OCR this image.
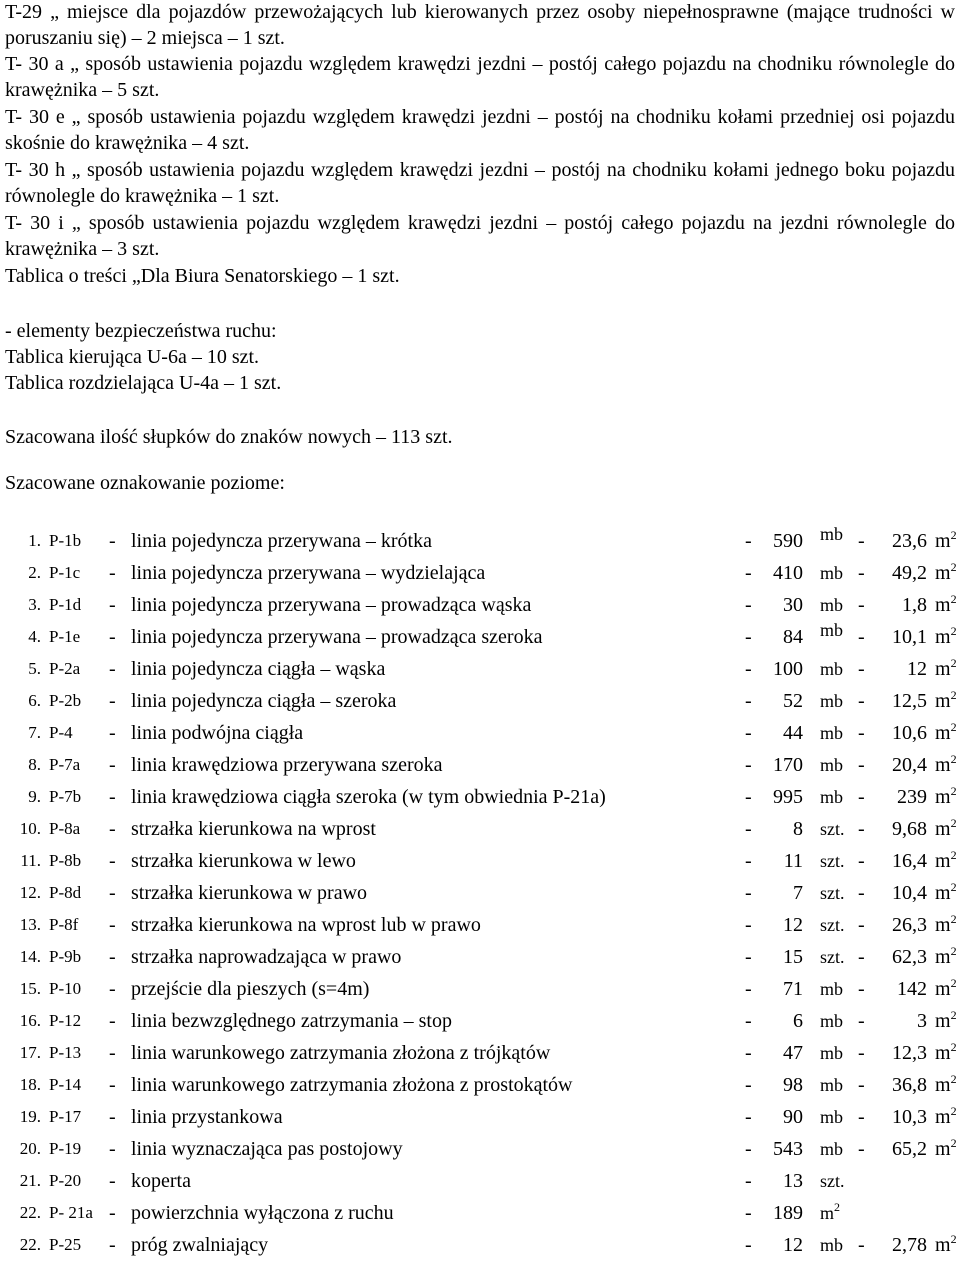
T-29 „ miejsce dla pojazdów przewożających lub kierowanych przez osoby niepełnosprawne (mające trudności w poruszaniu się) – 2 miejsca – 1 szt.

T- 30 a „ sposób ustawienia pojazdu względem krawędzi jezdni – postój całego pojazdu na chodniku równolegle do krawężnika – 5 szt.

T- 30 e „ sposób ustawienia pojazdu względem krawędzi jezdni – postój na chodniku kołami przedniej osi pojazdu skośnie do krawężnika – 4 szt.

T- 30 h „ sposób ustawienia pojazdu względem krawędzi jezdni – postój na chodniku kołami jednego boku pojazdu równolegle do krawężnika – 1 szt.

T- 30 i „ sposób ustawienia pojazdu względem krawędzi jezdni – postój całego pojazdu na jezdni równolegle do krawężnika – 3 szt.

Tablica o treści „Dla Biura Senatorskiego – 1 szt.

- elementy bezpieczeństwa ruchu:

Tablica kierująca U-6a – 10 szt.

Tablica rozdzielająca U-4a – 1 szt.

Szacowana ilość słupków do znaków nowych – 113 szt.

Szacowane oznakowanie poziome:

1. P-1b - linia pojedyncza przerywana – krótka	-	590 mb -	23,6 $m^2$
2. P-1c - linia pojedyncza przerywana – wydzielająca	-	410 mb -	49,2 $m^2$
3. P-1d - linia pojedyncza przerywana – prowadząca wąska	-	30 mb -	1,8 $m^2$
4. P-1e - linia pojedyncza przerywana – prowadząca szeroka	-	84 mb -	10,1 $m^2$
5. P-2a - linia pojedyncza ciągła – wąska	-	100 mb -	12 $m^2$
6. P-2b - linia pojedyncza ciągła – szeroka	-	52 mb -	12,5 $m^2$
7. P-4 - linia podwójna ciągła	-	44 mb -	10,6 $m^2$
8. P-7a - linia krawędziowa przerywana szeroka	-	170 mb -	20,4 $m^2$
9. P-7b - linia krawędziowa ciągła szeroka (w tym obwiednia P-21a)	-	995 mb -	239 $m^2$
10. P-8a - strzałka kierunkowa na wprost	-	8 szt. -	9,68 $m^2$
11. P-8b - strzałka kierunkowa w lewo	-	11 szt. -	16,4 $m^2$
12. P-8d - strzałka kierunkowa w prawo	-	7 szt. -	10,4 $m^2$
13. P-8f - strzałka kierunkowa na wprost lub w prawo	-	12 szt. -	26,3 $m^2$
14. P-9b - strzałka naprowadzająca w prawo	-	15 szt. -	62,3 $m^2$
15. P-10 - przejście dla pieszych (s=4m)	-	71 mb -	142 $m^2$
16. P-12 - linia bezwzględnego zatrzymania – stop	-	6 mb -	3 $m^2$
17. P-13 - linia warunkowego zatrzymania złożona z trójkątów	-	47 mb -	12,3 $m^2$
18. P-14 - linia warunkowego zatrzymania złożona z prostokątów	-	98 mb -	36,8 $m^2$
19. P-17 - linia przystankowa	-	90 mb -	10,3 $m^2$
20. P-19 - linia wyznaczająca pas postojowy	-	543 mb -	65,2 $m^2$
21. P-20 - koperta	-	13 szt.
22. P- 21a - powierzchnia wyłączona z ruchu	-	189 $m^2$
22. P-25 - próg zwalniający	-	12 mb -	2,78 $m^2$
